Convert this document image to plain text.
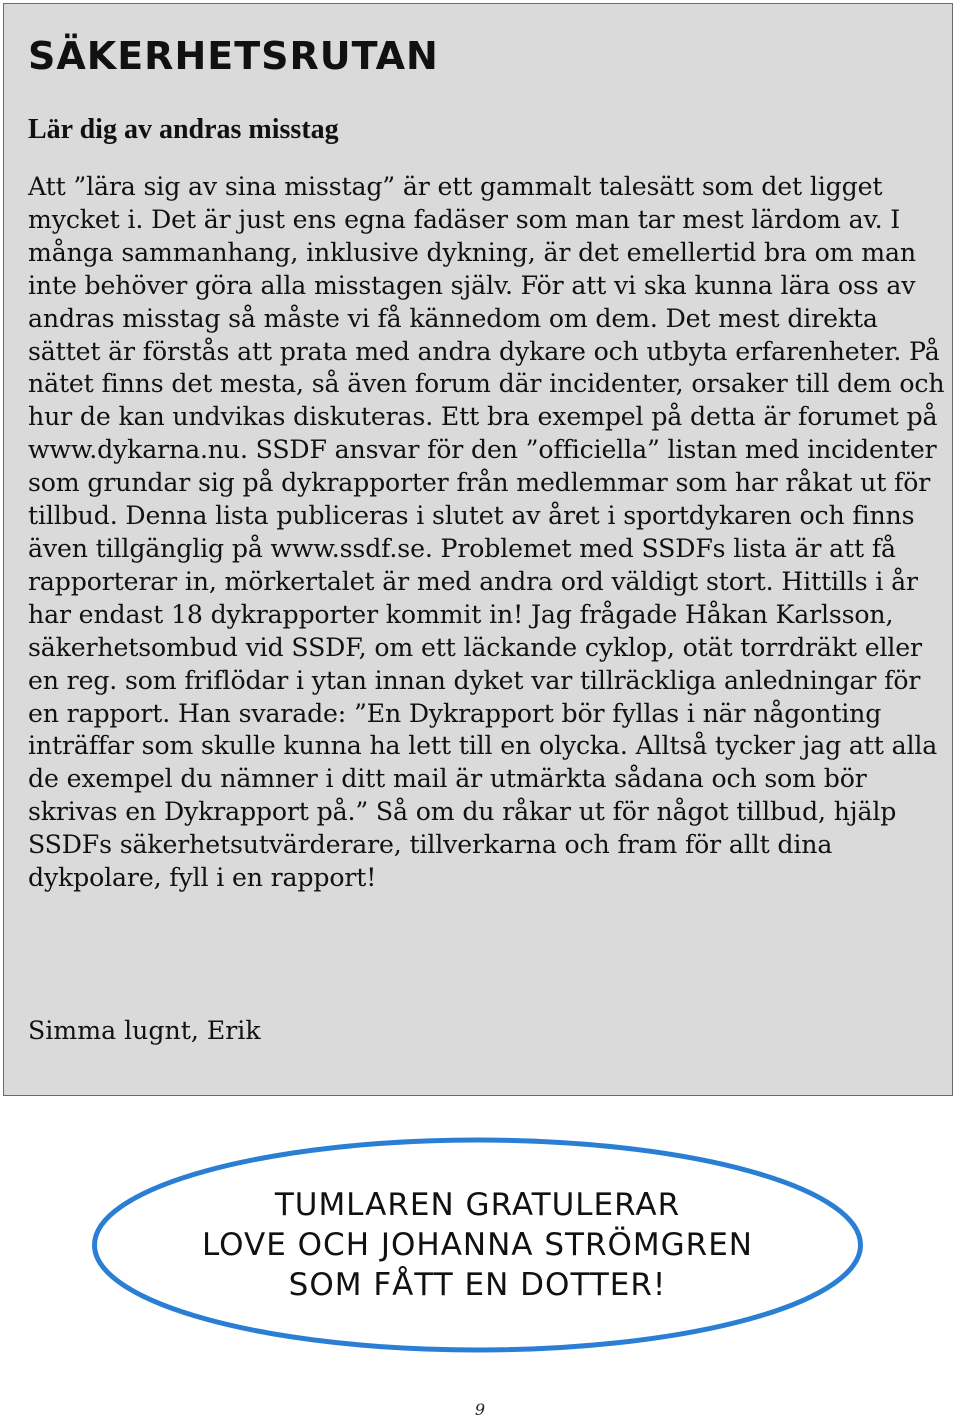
SÄKERHETSRUTAN
Lär dig av andras misstag

Att ”lära sig av sina misstag” är ett gammalt talesätt som det ligget mycket i. Det är just ens egna fadäser som man tar mest lärdom av. I många sammanhang, inklusive dykning, är det emellertid bra om man inte behöver göra alla misstagen själv. För att vi ska kunna lära oss av andras misstag så måste vi få kännedom om dem. Det mest direkta sättet är förstås att prata med andra dykare och utbyta erfarenheter. På nätet finns det mesta, så även forum där incidenter, orsaker till dem och hur de kan undvikas diskuteras. Ett bra exempel på detta är forumet på www.dykarna.nu. SSDF ansvar för den ”officiella” listan med incidenter som grundar sig på dykrapporter från medlemmar som har råkat ut för tillbud. Denna lista publiceras i slutet av året i sportdykaren och finns även tillgänglig på www.ssdf.se. Problemet med SSDFs lista är att få rapporterar in, mörkertalet är med andra ord väldigt stort. Hittills i år har endast 18 dykrapporter kommit in! Jag frågade Håkan Karlsson, säkerhetsombud vid SSDF, om ett läckande cyklop, otät torrdräkt eller en reg. som friflödar i ytan innan dyket var tillräckliga anledningar för en rapport. Han svarade: ”En Dykrapport bör fyllas i när någonting inträffar som skulle kunna ha lett till en olycka. Alltså tycker jag att alla de exempel du nämner i ditt mail är utmärkta sådana och som bör skrivas en Dykrapport på.” Så om du råkar ut för något tillbud, hjälp SSDFs säkerhetsutvärderare, tillverkarna och fram för allt dina dykpolare, fyll i en rapport!

Simma lugnt, Erik

TUMLAREN GRATULERAR
LOVE OCH JOHANNA STRÖMGREN
SOM FÅTT EN DOTTER!
9
